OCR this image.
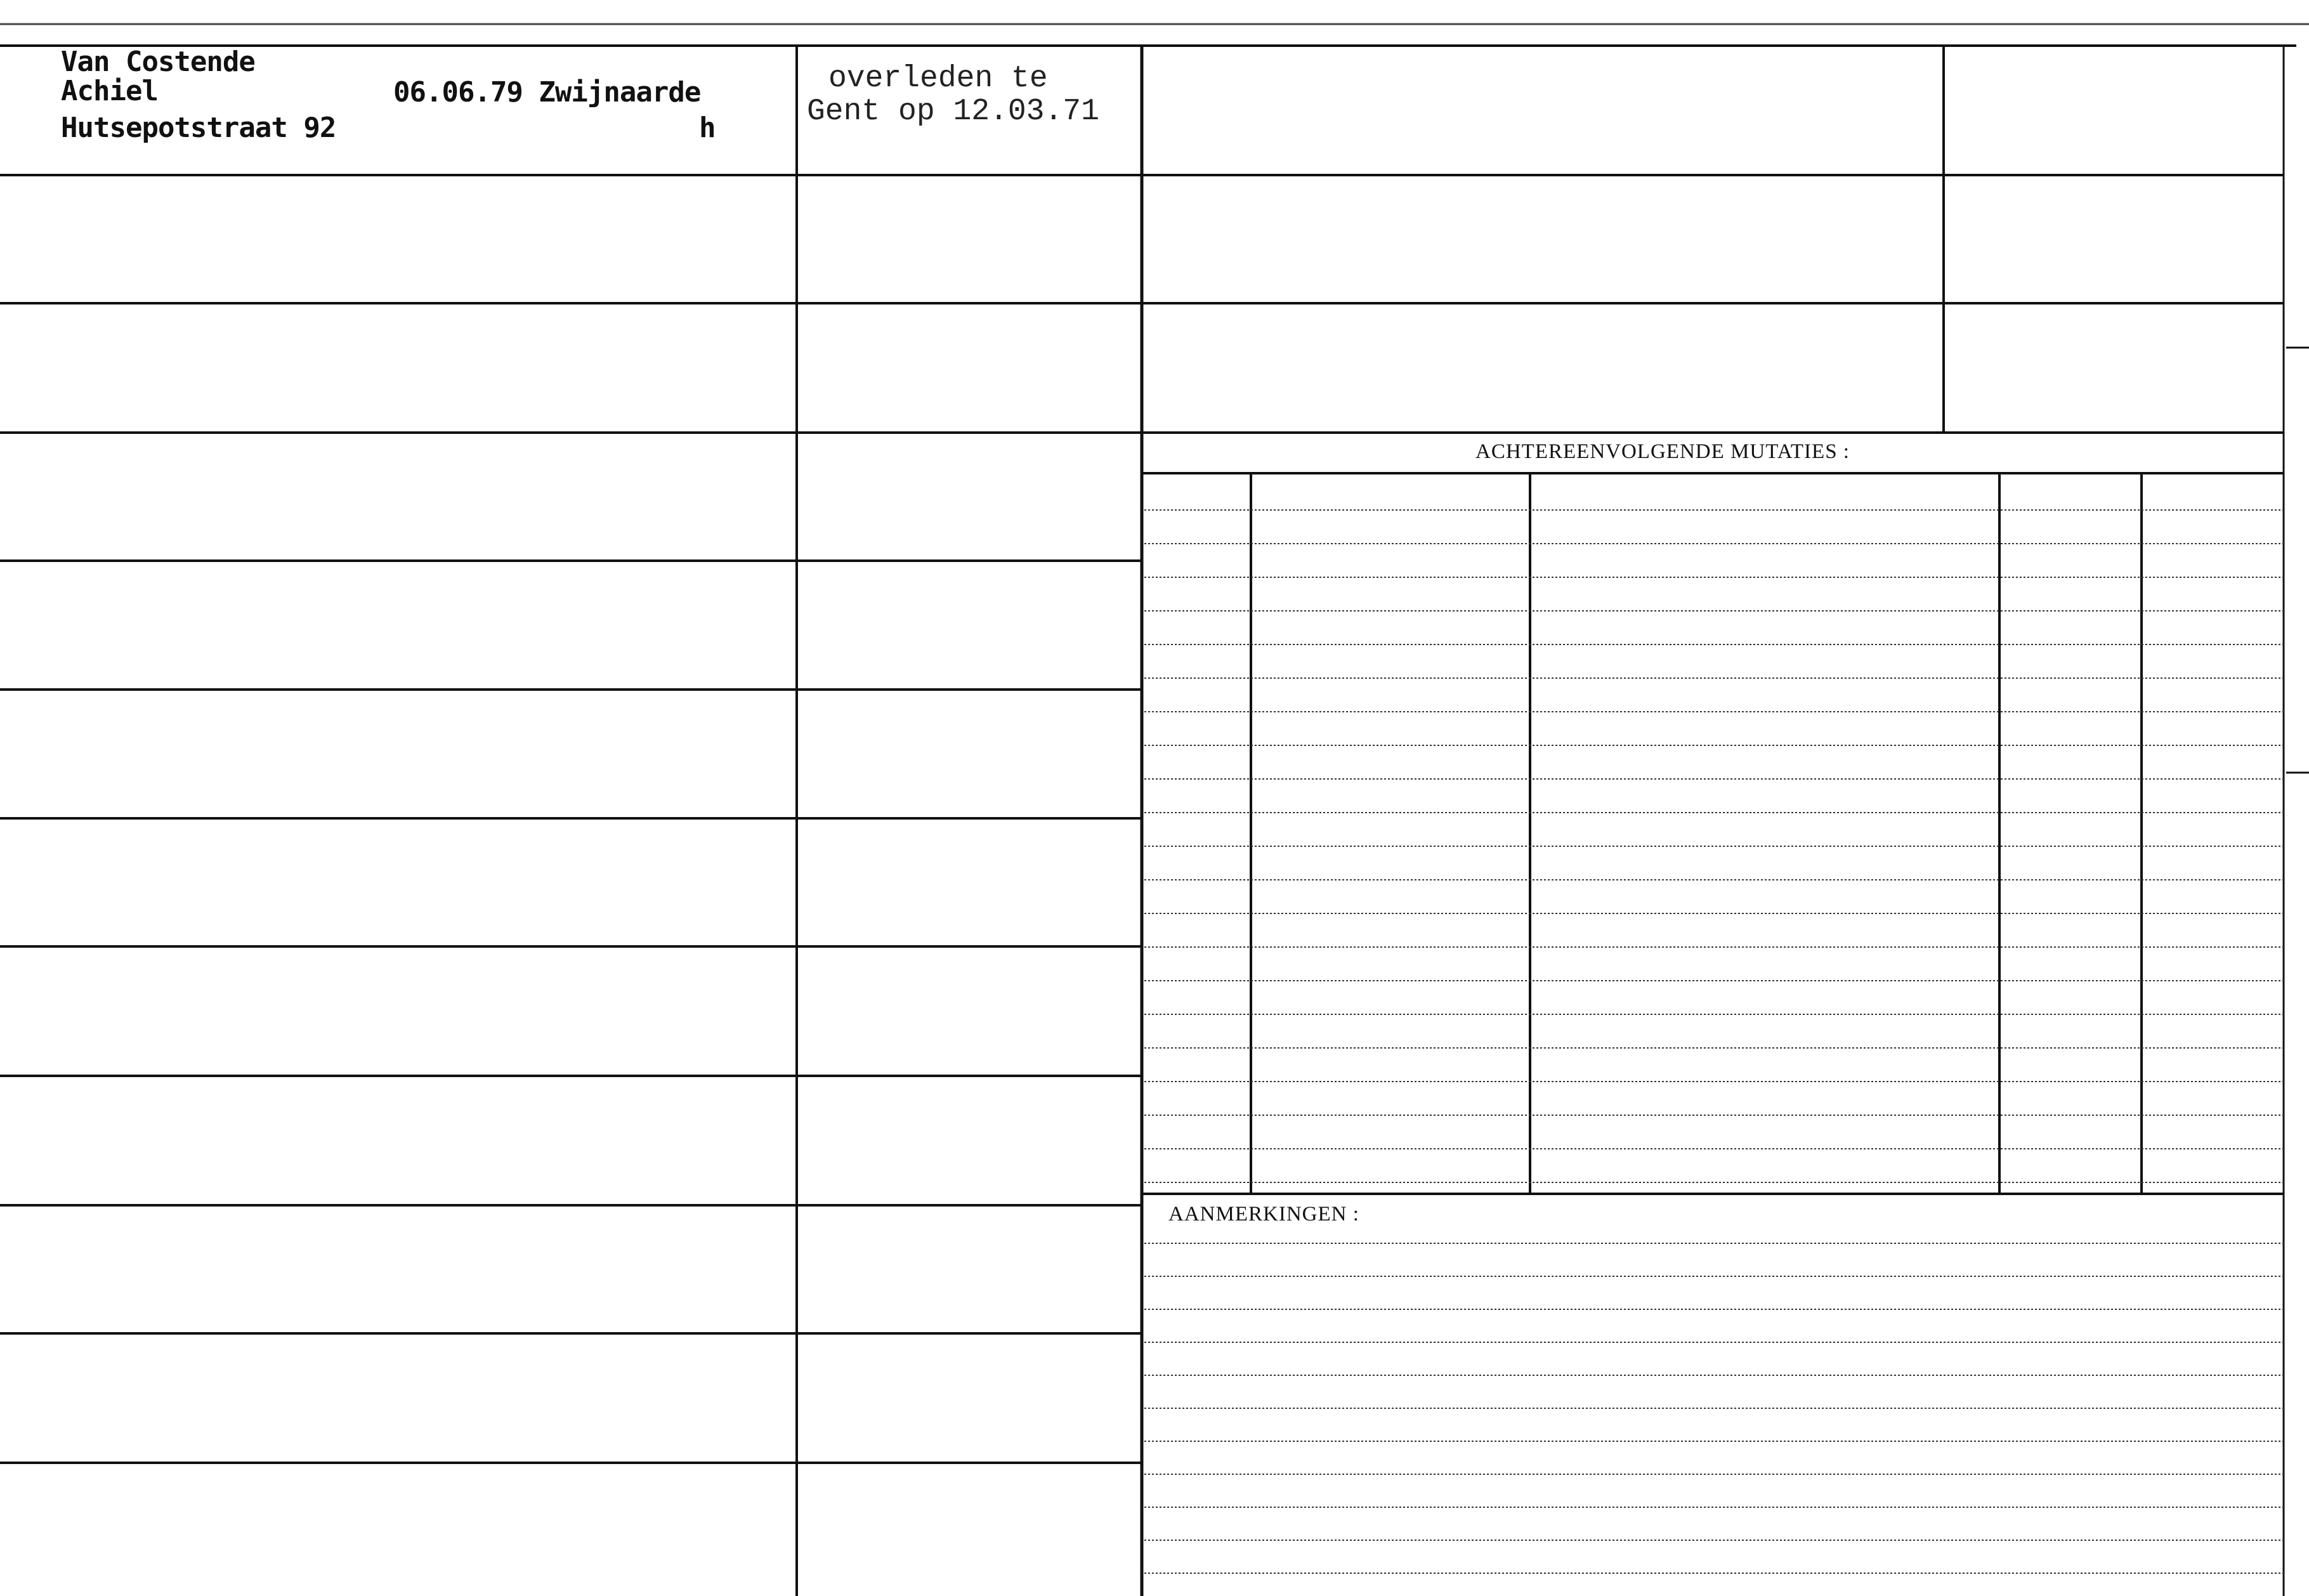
Van Costende
Achiel
Hutsepotstraat 92
06.06.79 Zwijnaarde
h
overleden te
Gent op 12.03.71
ACHTEREENVOLGENDE MUTATIES :
AANMERKINGEN :
